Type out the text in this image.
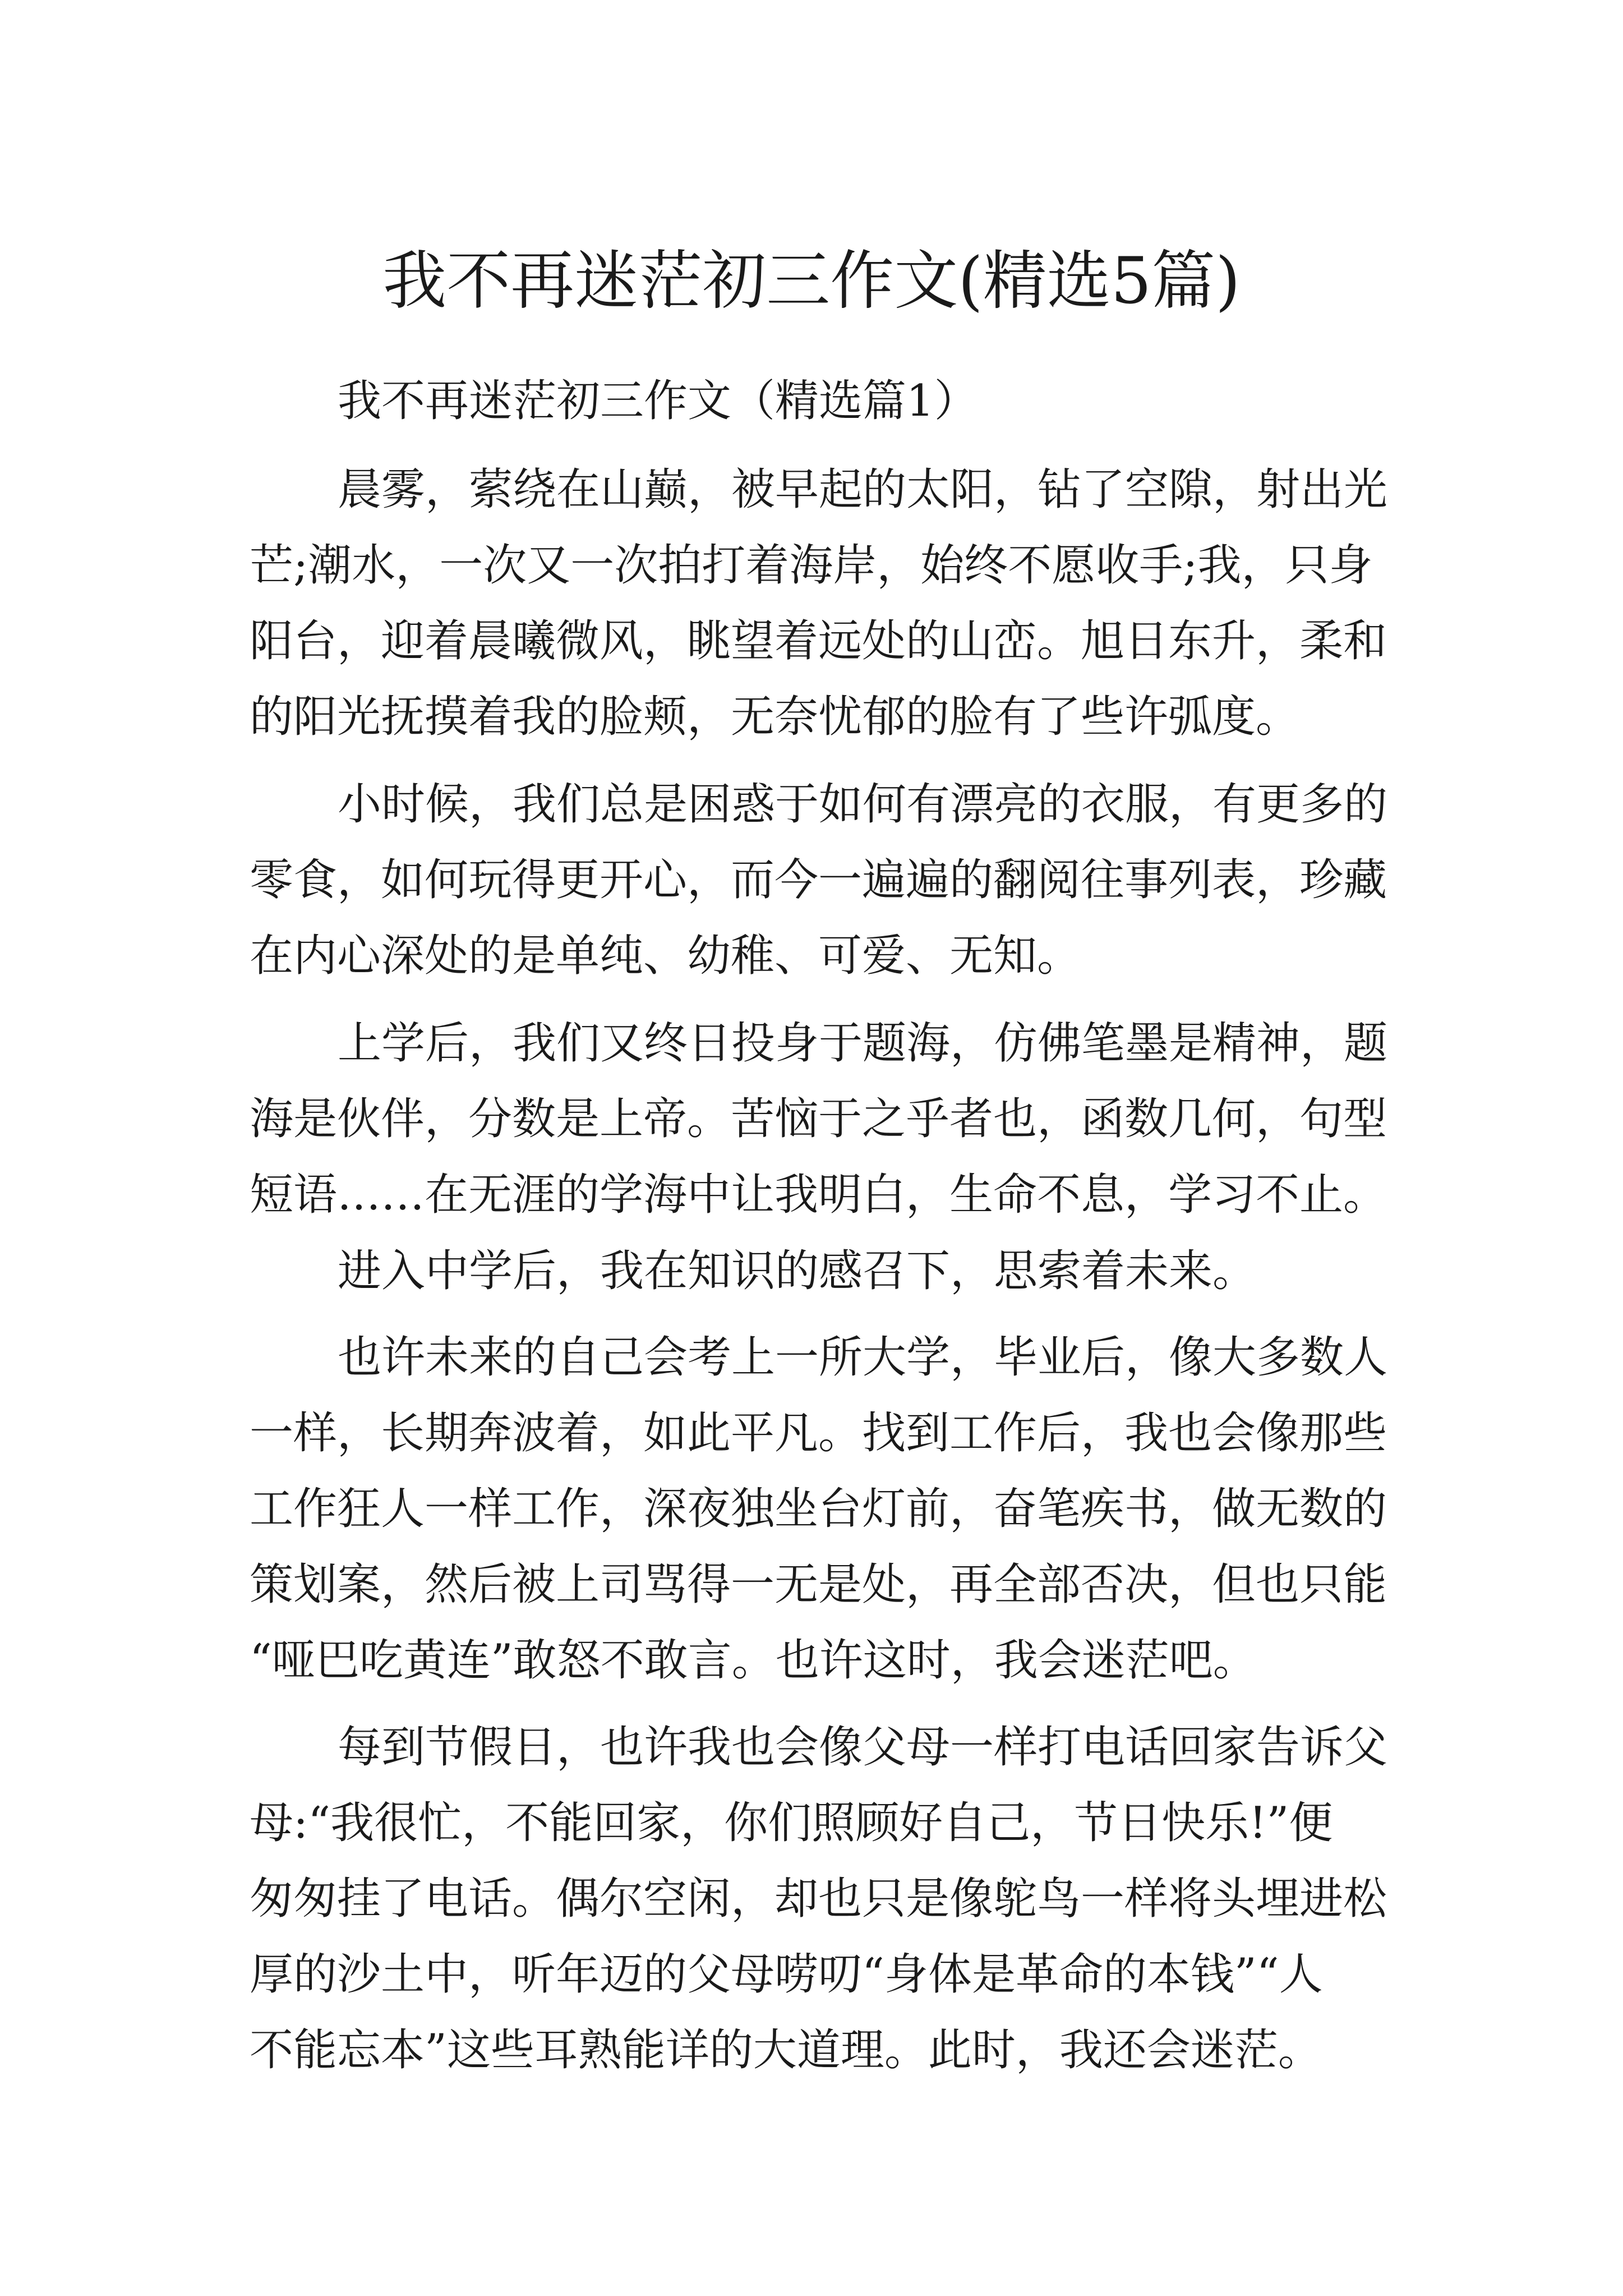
我不再迷茫初三作文(精选5篇)
我不再迷茫初三作文（精选篇1）
晨雾，萦绕在山巅，被早起的太阳，钻了空隙，射出光
芒;潮水，一次又一次拍打着海岸，始终不愿收手;我，只身
阳台，迎着晨曦微风，眺望着远处的山峦。旭日东升，柔和
的阳光抚摸着我的脸颊，无奈忧郁的脸有了些许弧度。
小时候，我们总是困惑于如何有漂亮的衣服，有更多的
零食，如何玩得更开心，而今一遍遍的翻阅往事列表，珍藏
在内心深处的是单纯、幼稚、可爱、无知。
上学后，我们又终日投身于题海，仿佛笔墨是精神，题
海是伙伴，分数是上帝。苦恼于之乎者也，函数几何，句型
短语……在无涯的学海中让我明白，生命不息，学习不止。
进入中学后，我在知识的感召下，思索着未来。
也许未来的自己会考上一所大学，毕业后，像大多数人
一样，长期奔波着，如此平凡。找到工作后，我也会像那些
工作狂人一样工作，深夜独坐台灯前，奋笔疾书，做无数的
策划案，然后被上司骂得一无是处，再全部否决，但也只能
“哑巴吃黄连”敢怒不敢言。也许这时，我会迷茫吧。
每到节假日，也许我也会像父母一样打电话回家告诉父
母:“我很忙，不能回家，你们照顾好自己，节日快乐!”便
匆匆挂了电话。偶尔空闲，却也只是像鸵鸟一样将头埋进松
厚的沙土中，听年迈的父母唠叨“身体是革命的本钱”“人
不能忘本”这些耳熟能详的大道理。此时，我还会迷茫。
